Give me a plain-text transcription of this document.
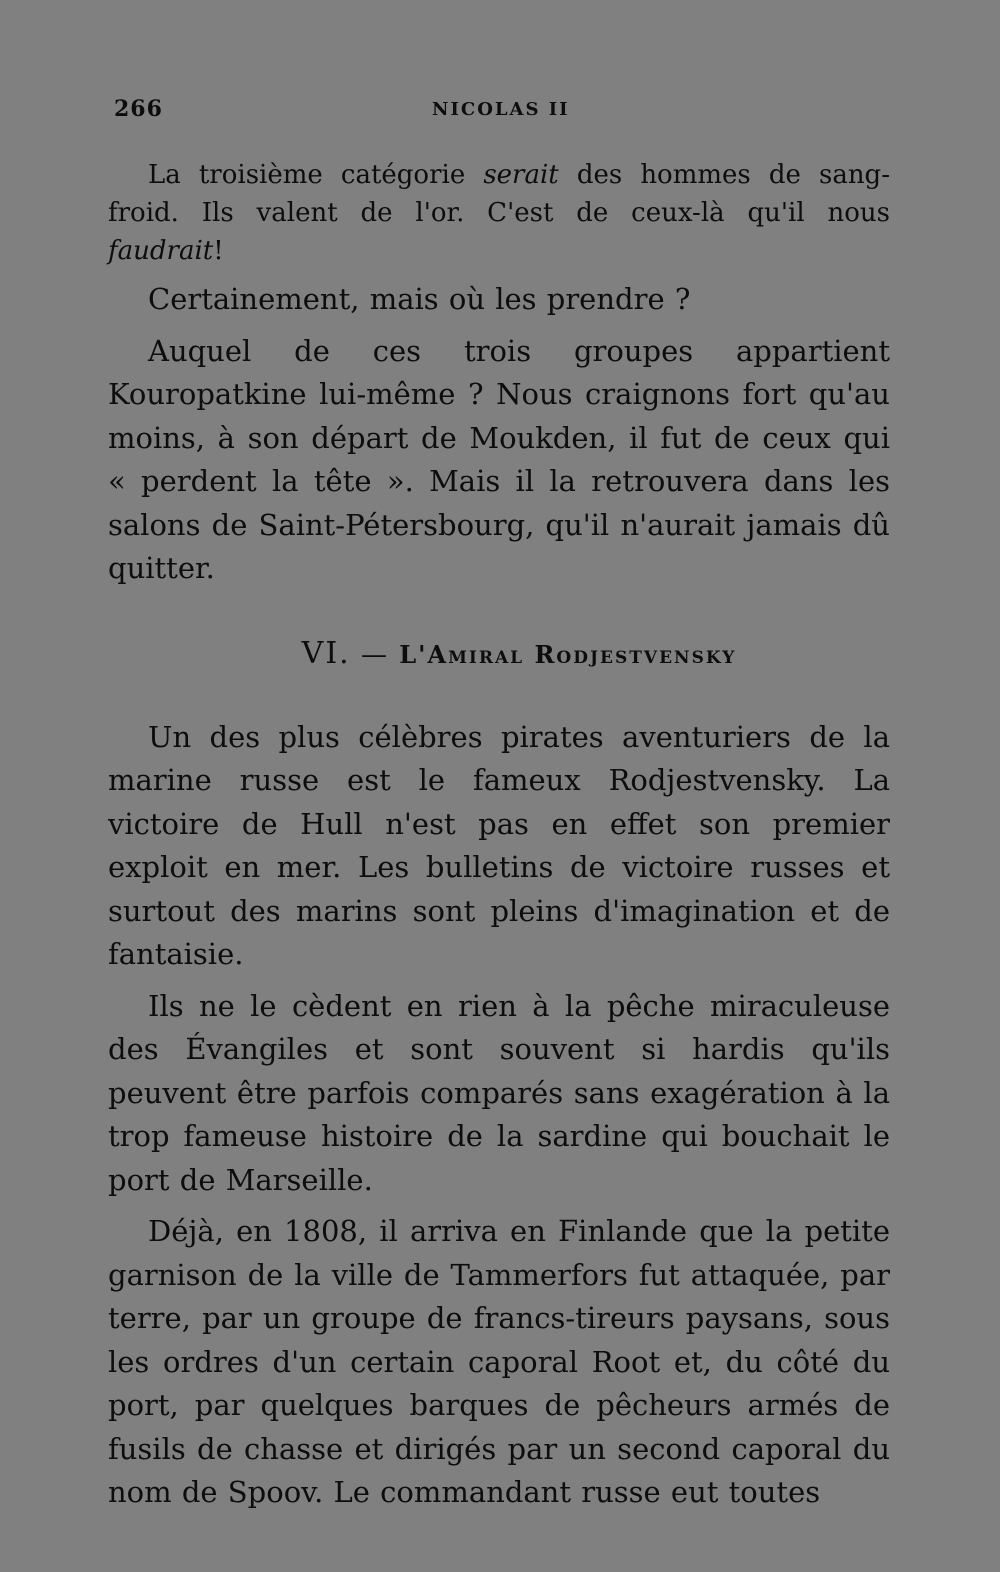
266	NICOLAS II

La troisième catégorie serait des hommes de sang-froid. Ils valent de l'or. C'est de ceux-là qu'il nous faudrait!

Certainement, mais où les prendre ?

Auquel de ces trois groupes appartient Kouropatkine lui-même ? Nous craignons fort qu'au moins, à son départ de Moukden, il fut de ceux qui « perdent la tête ». Mais il la retrouvera dans les salons de Saint-Pétersbourg, qu'il n'aurait jamais dû quitter.

VI. — L'Amiral Rodjestvensky

Un des plus célèbres pirates aventuriers de la marine russe est le fameux Rodjestvensky. La victoire de Hull n'est pas en effet son premier exploit en mer. Les bulletins de victoire russes et surtout des marins sont pleins d'imagination et de fantaisie.

Ils ne le cèdent en rien à la pêche miraculeuse des Évangiles et sont souvent si hardis qu'ils peuvent être parfois comparés sans exagération à la trop fameuse histoire de la sardine qui bouchait le port de Marseille.

Déjà, en 1808, il arriva en Finlande que la petite garnison de la ville de Tammerfors fut attaquée, par terre, par un groupe de francs-tireurs paysans, sous les ordres d'un certain caporal Root et, du côté du port, par quelques barques de pêcheurs armés de fusils de chasse et dirigés par un second caporal du nom de Spoov. Le commandant russe eut toutes
